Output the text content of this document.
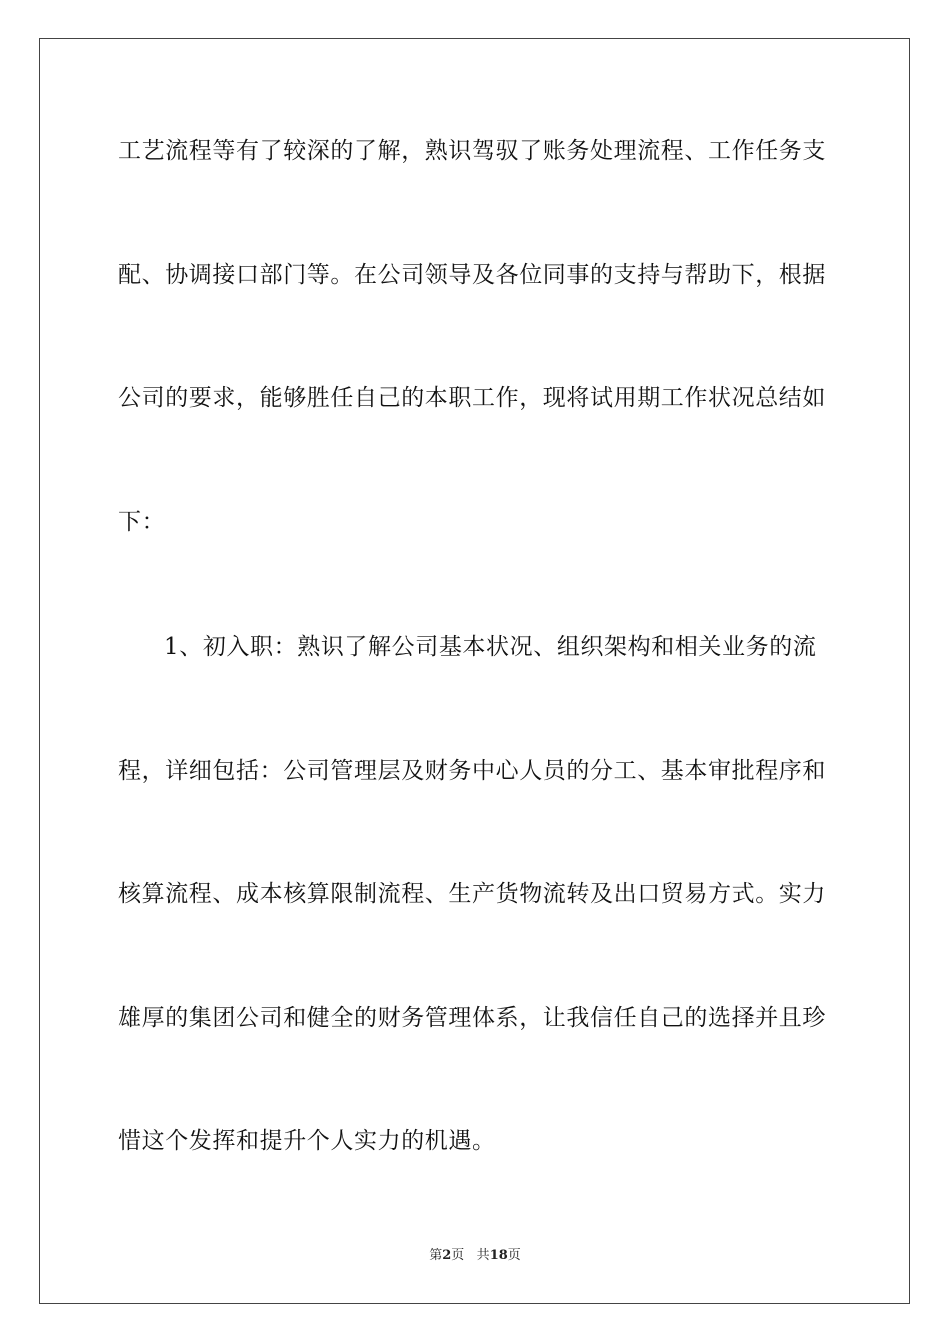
工艺流程等有了较深的了解，熟识驾驭了账务处理流程、工作任务支
配、协调接口部门等。在公司领导及各位同事的支持与帮助下，根据
公司的要求，能够胜任自己的本职工作，现将试用期工作状况总结如
下：
1、初入职：熟识了解公司基本状况、组织架构和相关业务的流
程，详细包括：公司管理层及财务中心人员的分工、基本审批程序和
核算流程、成本核算限制流程、生产货物流转及出口贸易方式。实力
雄厚的集团公司和健全的财务管理体系，让我信任自己的选择并且珍
惜这个发挥和提升个人实力的机遇。
第2页 共18页
